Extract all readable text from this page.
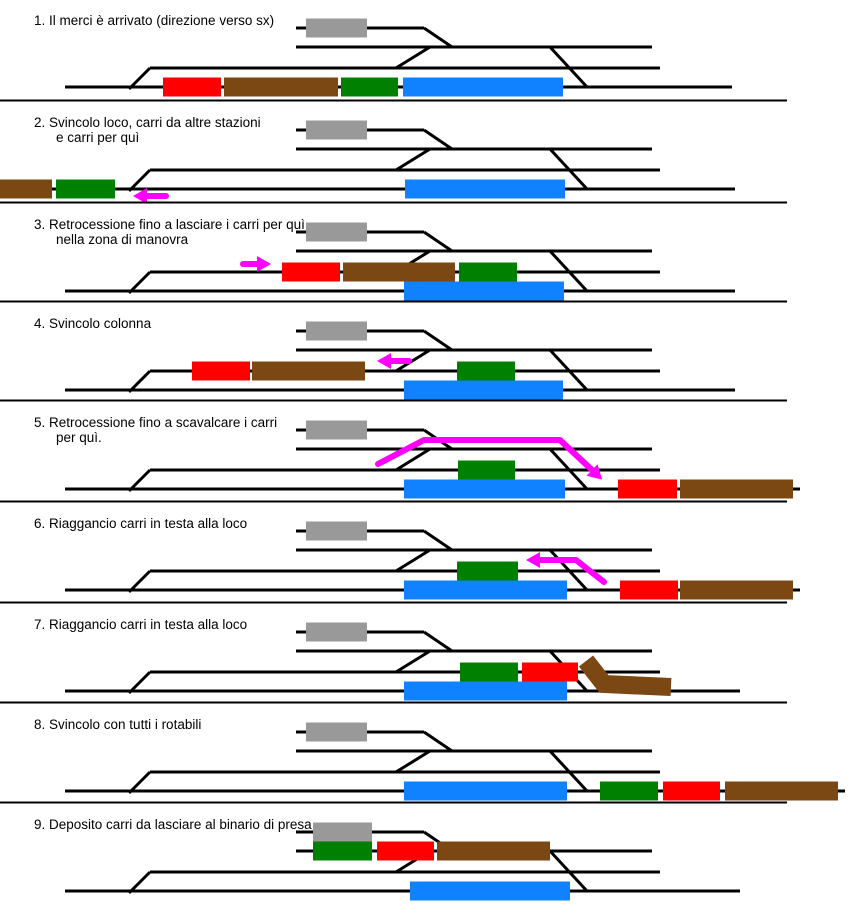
1. Il merci è arrivato (direzione verso sx)
2. Svincolo loco, carri da altre stazioni
e carri per quì
3. Retrocessione fino a lasciare i carri per quì
nella zona di manovra
4. Svincolo colonna
5. Retrocessione fino a scavalcare i carri
per quì.
6. Riaggancio carri in testa alla loco
7. Riaggancio carri in testa alla loco
8. Svincolo con tutti i rotabili
9. Deposito carri da lasciare al binario di presa
